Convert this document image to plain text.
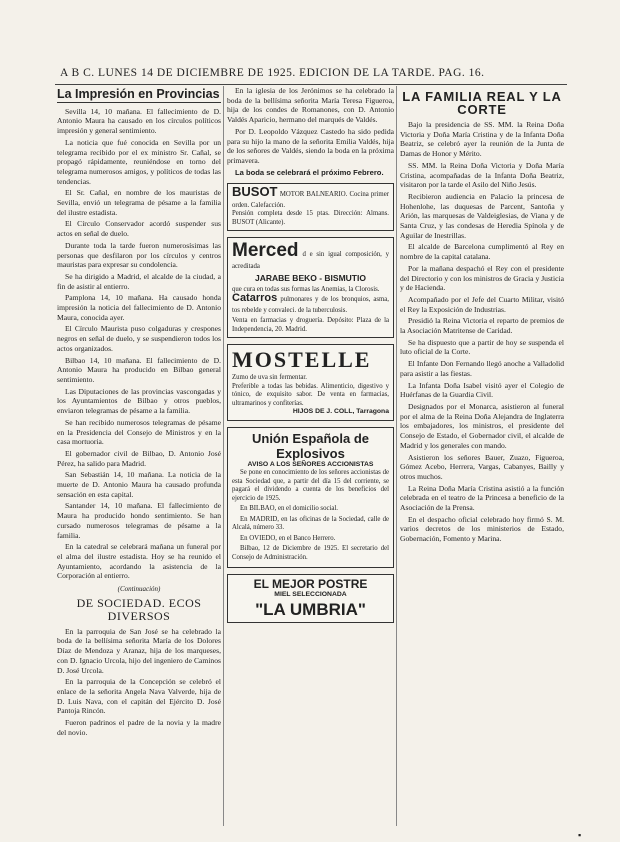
A B C. LUNES 14 DE DICIEMBRE DE 1925. EDICION DE LA TARDE. PAG. 16.
La Impresión en Provincias

Sevilla 14, 10 mañana. El fallecimiento de D. Antonio Maura ha causado en los círculos políticos impresión y general sentimiento.

La noticia que fué conocida en Sevilla por un telegrama recibido por el ex ministro Sr. Cañal, se propagó rápidamente, reuniéndose en torno del telegrama numerosos amigos, y políticos de todas las tendencias.

El Sr. Cañal, en nombre de los mauristas de Sevilla, envió un telegrama de pésame a la familia del ilustre estadista.

El Círculo Conservador acordó suspender sus actos en señal de duelo.

Durante toda la tarde fueron numerosísimas las personas que desfilaron por los círculos y centros mauristas para expresar su condolencia.

Se ha dirigido a Madrid, el alcalde de la ciudad, a fin de asistir al entierro.

Pamplona 14, 10 mañana. Ha causado honda impresión la noticia del fallecimiento de D. Antonio Maura, conocida ayer.

El Círculo Maurista puso colgaduras y crespones negros en señal de duelo, y se suspendieron todos los actos organizados.

Bilbao 14, 10 mañana. El fallecimiento de D. Antonio Maura ha producido en Bilbao general sentimiento.

Las Diputaciones de las provincias vascongadas y los Ayuntamientos de Bilbao y otros pueblos, enviaron telegramas de pésame a la familia.

Se han recibido numerosos telegramas de pésame en la Presidencia del Consejo de Ministros y en la casa mortuoria.

El gobernador civil de Bilbao, D. Antonio José Pérez, ha salido para Madrid.

San Sebastián 14, 10 mañana. La noticia de la muerte de D. Antonio Maura ha causado profunda sensación en esta capital.

Santander 14, 10 mañana. El fallecimiento de Maura ha producido hondo sentimiento. Se han cursado numerosos telegramas de pésame a la familia.

En la catedral se celebrará mañana un funeral por el alma del ilustre estadista. Hoy se ha reunido el Ayuntamiento, acordando la asistencia de la Corporación al entierro.

(Continuación)
DE SOCIEDAD. ECOS DIVERSOS

En la parroquia de San José se ha celebrado la boda de la bellísima señorita María de los Dolores Díaz de Mendoza y Aranaz, hija de los marqueses, con D. Ignacio Urcola, hijo del ingeniero de Caminos D. José Urcola.

En la parroquia de la Concepción se celebró el enlace de la señorita Angela Nava Valverde, hija de D. Luis Nava, con el capitán del Ejército D. José Pantoja Rincón.

Fueron padrinos el padre de la novia y la madre del novio.

En la iglesia de los Jerónimos se ha celebrado la boda de la bellísima señorita María Teresa Figueroa, hija de los condes de Romanones, con D. Antonio Valdés Aparicio, hermano del marqués de Valdés.

Por D. Leopoldo Vázquez Castedo ha sido pedida para su hijo la mano de la señorita Emilia Valdés, hija de los señores de Valdés, siendo la boda en la próxima primavera.

La boda se celebrará el próximo Febrero.

BUSOT MOTOR BALNEARIO. Cocina primer orden. Calefacción.
Pensión completa desde 15 ptas. Dirección: Almans. BUSOT (Alicante).
Merced d e sin igual composición, y acreditada
JARABE BEKO - BISMUTIO
que cura en todas sus formas las Anemias, la Clorosis.
Catarros pulmonares y de los bronquios, asma, tos rebelde y convaleci. de la tuberculosis.
Venta en farmacias y droguería. Depósito: Plaza de la Independencia, 20. Madrid.
MOSTELLE Zumo de uva sin fermentar.
Preferible a todas las bebidas. Alimenticio, digestivo y tónico, de exquisito sabor. De venta en farmacias, ultramarinos y confiterías.
HIJOS DE J. COLL, Tarragona
Unión Española de Explosivos
AVISO A LOS SEÑORES ACCIONISTAS

Se pone en conocimiento de los señores accionistas de esta Sociedad que, a partir del día 15 del corriente, se pagará el dividendo a cuenta de los beneficios del ejercicio de 1925.

En BILBAO, en el domicilio social.

En MADRID, en las oficinas de la Sociedad, calle de Alcalá, número 33.

En OVIEDO, en el Banco Herrero.

Bilbao, 12 de Diciembre de 1925. El secretario del Consejo de Administración.

EL MEJOR POSTRE
MIEL SELECCIONADA
"LA UMBRIA"
LA FAMILIA REAL Y LA CORTE

Bajo la presidencia de SS. MM. la Reina Doña Victoria y Doña María Cristina y de la Infanta Doña Beatriz, se celebró ayer la reunión de la Junta de Damas de Honor y Mérito.

SS. MM. la Reina Doña Victoria y Doña María Cristina, acompañadas de la Infanta Doña Beatriz, visitaron por la tarde el Asilo del Niño Jesús.

Recibieron audiencia en Palacio la princesa de Hohenlohe, las duquesas de Parcent, Santoña y Arión, las marquesas de Valdeiglesias, de Viana y de Santa Cruz, y las condesas de Heredia Spínola y de Aguilar de Inestrillas.

El alcalde de Barcelona cumplimentó al Rey en nombre de la capital catalana.

Por la mañana despachó el Rey con el presidente del Directorio y con los ministros de Gracia y Justicia y de Hacienda.

Acompañado por el Jefe del Cuarto Militar, visitó el Rey la Exposición de Industrias.

Presidió la Reina Victoria el reparto de premios de la Asociación Matritense de Caridad.

Se ha dispuesto que a partir de hoy se suspenda el luto oficial de la Corte.

El Infante Don Fernando llegó anoche a Valladolid para asistir a las fiestas.

La Infanta Doña Isabel visitó ayer el Colegio de Huérfanas de la Guardia Civil.

Designados por el Monarca, asistieron al funeral por el alma de la Reina Doña Alejandra de Inglaterra los embajadores, los ministros, el presidente del Consejo de Estado, el Gobernador civil, el alcalde de Madrid y los generales con mando.

Asistieron los señores Bauer, Zuazo, Figueroa, Gómez Acebo, Herrera, Vargas, Cabanyes, Bailly y otros muchos.

La Reina Doña María Cristina asistió a la función celebrada en el teatro de la Princesa a beneficio de la Asociación de la Prensa.

En el despacho oficial celebrado hoy firmó S. M. varios decretos de los ministerios de Estado, Gobernación, Fomento y Marina.

▪
